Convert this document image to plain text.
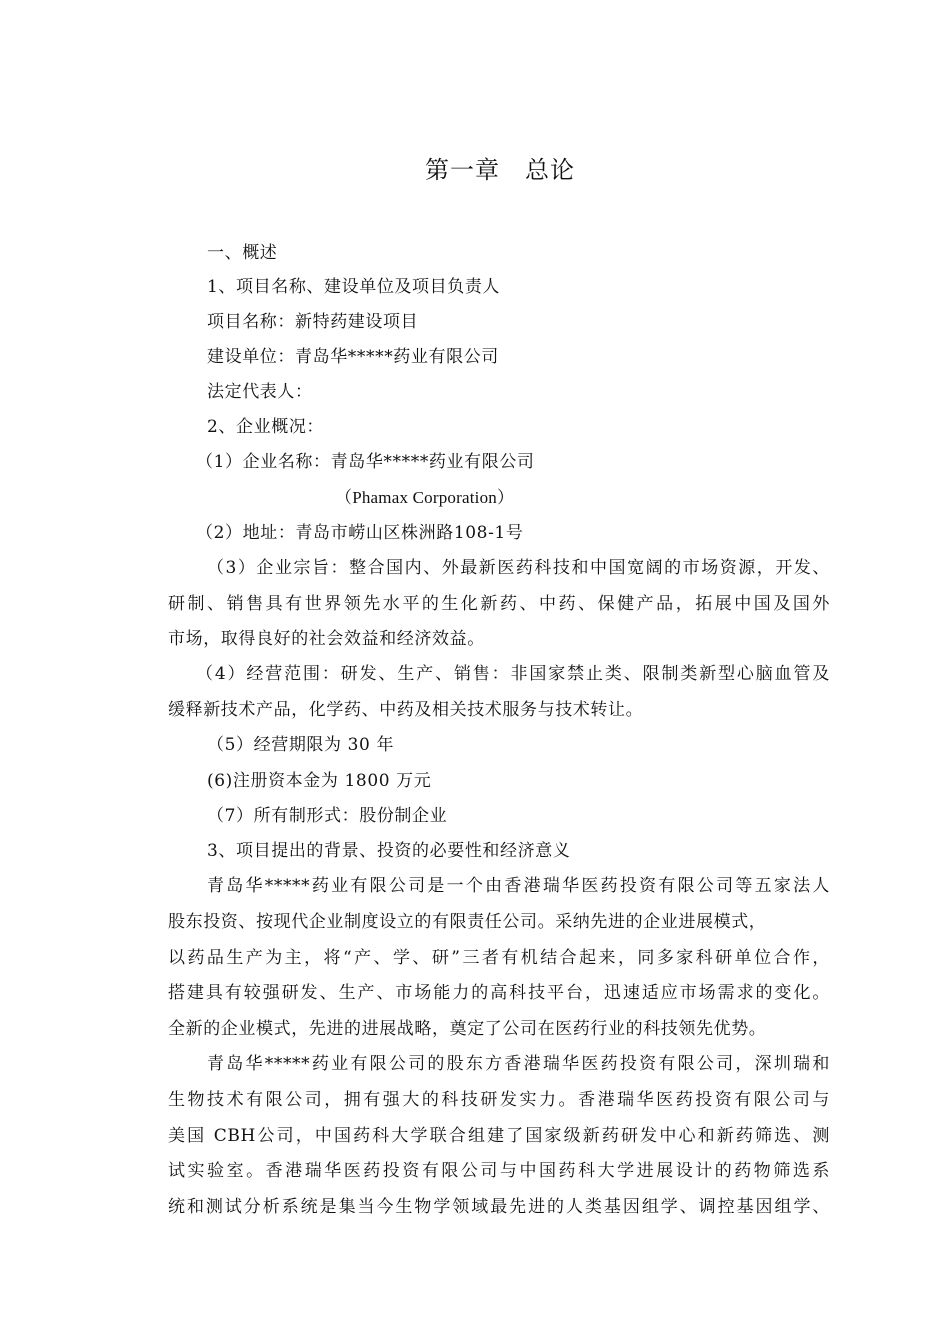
第一章　总论
一、概述
1、项目名称、建设单位及项目负责人
项目名称：新特药建设项目
建设单位：青岛华*****药业有限公司
法定代表人：
2、企业概况：
（1）企业名称：青岛华*****药业有限公司
（Phamax Corporation）
（2）地址：青岛市崂山区株洲路108-1号
（3）企业宗旨：整合国内、外最新医药科技和中国宽阔的市场资源，开发、
研制、销售具有世界领先水平的生化新药、中药、保健产品，拓展中国及国外
市场，取得良好的社会效益和经济效益。
（4）经营范围：研发、生产、销售：非国家禁止类、限制类新型心脑血管及
缓释新技术产品，化学药、中药及相关技术服务与技术转让。
（5）经营期限为 30 年
(6)注册资本金为 1800 万元
（7）所有制形式：股份制企业
3、项目提出的背景、投资的必要性和经济意义
青岛华*****药业有限公司是一个由香港瑞华医药投资有限公司等五家法人
股东投资、按现代企业制度设立的有限责任公司。采纳先进的企业进展模式，
以药品生产为主，将“产、学、研”三者有机结合起来，同多家科研单位合作，
搭建具有较强研发、生产、市场能力的高科技平台，迅速适应市场需求的变化。
全新的企业模式，先进的进展战略，奠定了公司在医药行业的科技领先优势。
青岛华*****药业有限公司的股东方香港瑞华医药投资有限公司，深圳瑞和
生物技术有限公司，拥有强大的科技研发实力。香港瑞华医药投资有限公司与
美国 CBH公司，中国药科大学联合组建了国家级新药研发中心和新药筛选、测
试实验室。香港瑞华医药投资有限公司与中国药科大学进展设计的药物筛选系
统和测试分析系统是集当今生物学领域最先进的人类基因组学、调控基因组学、
